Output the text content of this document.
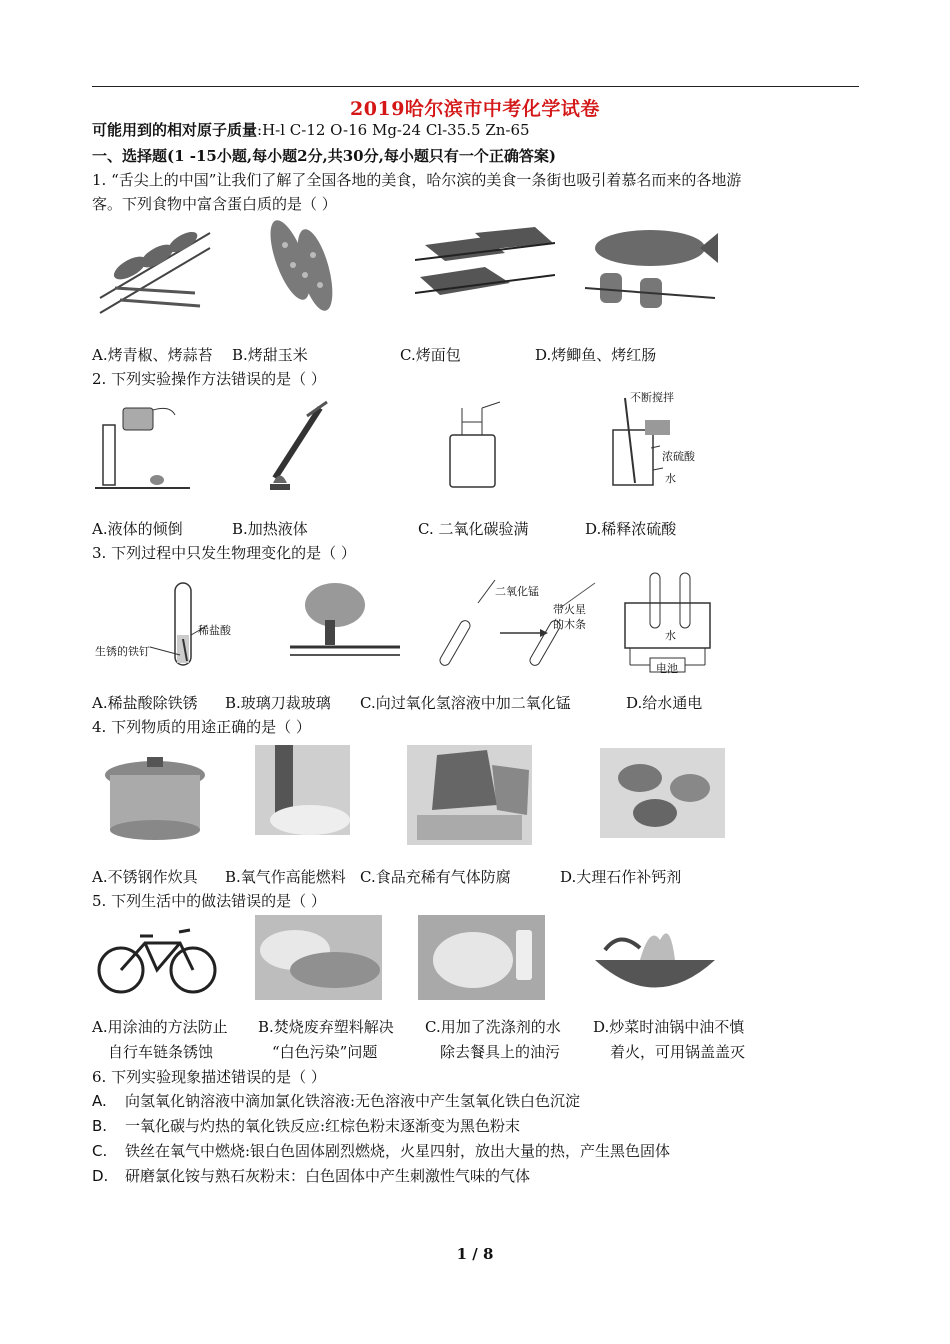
2019哈尔滨市中考化学试卷
可能用到的相对原子质量:H-l C-12 O-16 Mg-24 Cl-35.5 Zn-65
一、选择题(1 -15小题,每小题2分,共30分,每小题只有一个正确答案)
1. “舌尖上的中国”让我们了解了全国各地的美食，哈尔滨的美食一条街也吸引着慕名而来的各地游
客。下列食物中富含蛋白质的是（ ）
A.烤青椒、烤蒜苔 B.烤甜玉米	C.烤面包	D.烤鲫鱼、烤红肠
2. 下列实验操作方法错误的是（ ）
不断搅拌
浓硫酸
水
A.液体的倾倒	B.加热液体	C. 二氧化碳验满	D.稀释浓硫酸
3. 下列过程中只发生物理变化的是（ ）
稀盐酸
生锈的铁钉
二氧化锰
带火星
的木条
水
电池
A.稀盐酸除铁锈 B.玻璃刀裁玻璃 C.向过氧化氢溶液中加二氧化锰	D.给水通电
4. 下列物质的用途正确的是（ ）
A.不锈钢作炊具 B.氧气作高能燃料 C.食品充稀有气体防腐	D.大理石作补钙剂
5. 下列生活中的做法错误的是（ ）
A.用涂油的方法防止
自行车链条锈蚀
B.焚烧废弃塑料解决
“白色污染”问题
C.用加了洗涤剂的水
除去餐具上的油污
D.炒菜时油锅中油不慎
着火，可用锅盖盖灭
6. 下列实验现象描述错误的是（ ）
A. 向氢氧化钠溶液中滴加氯化铁溶液:无色溶液中产生氢氧化铁白色沉淀
B. 一氧化碳与灼热的氧化铁反应:红棕色粉末逐渐变为黑色粉末
C. 铁丝在氧气中燃烧:银白色固体剧烈燃烧，火星四射，放出大量的热，产生黑色固体
D. 研磨氯化铵与熟石灰粉末：白色固体中产生刺激性气味的气体
1 / 8
